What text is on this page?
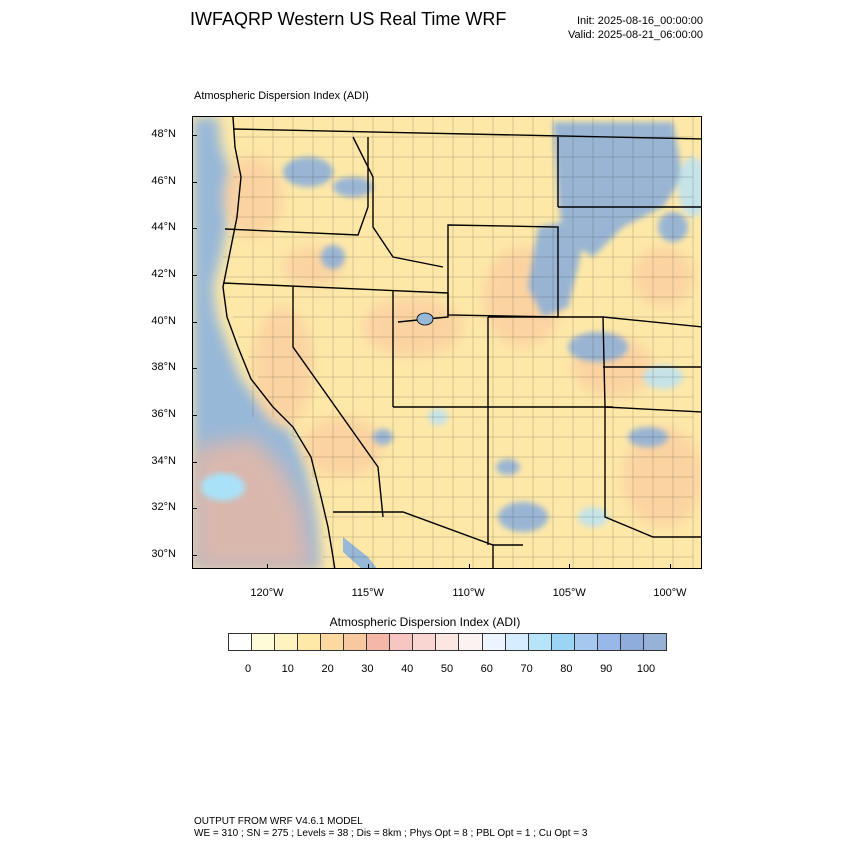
IWFAQRP Western US Real Time WRF	Init: 2025-08-16_00:00:00
Valid: 2025-08-21_06:00:00
Atmospheric Dispersion Index (ADI)
48°N
46°N
44°N
42°N
40°N
38°N
36°N
34°N
32°N
30°N
120°W	115°W	110°W	105°W	100°W
Atmospheric Dispersion Index (ADI)
0	10	20	30	40	50	60	70	80	90 100
OUTPUT FROM WRF V4.6.1 MODEL
WE = 310 ; SN = 275 ; Levels = 38 ; Dis = 8km ; Phys Opt = 8 ; PBL Opt = 1 ; Cu Opt = 3
